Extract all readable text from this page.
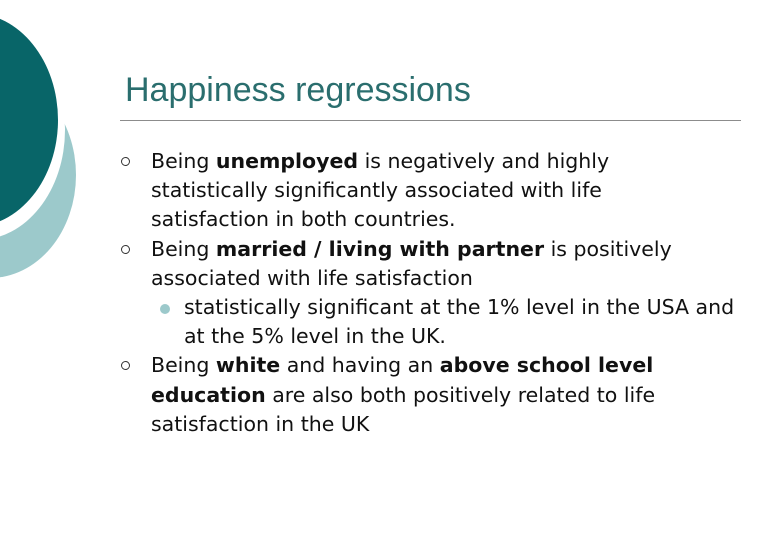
Happiness regressions
Being unemployed is negatively and highly statistically significantly associated with life satisfaction in both countries.
Being married / living with partner is positively associated with life satisfaction
statistically significant at the 1% level in the USA and at the 5% level in the UK.
Being white and having an above school level education are also both positively related to life satisfaction in the UK
